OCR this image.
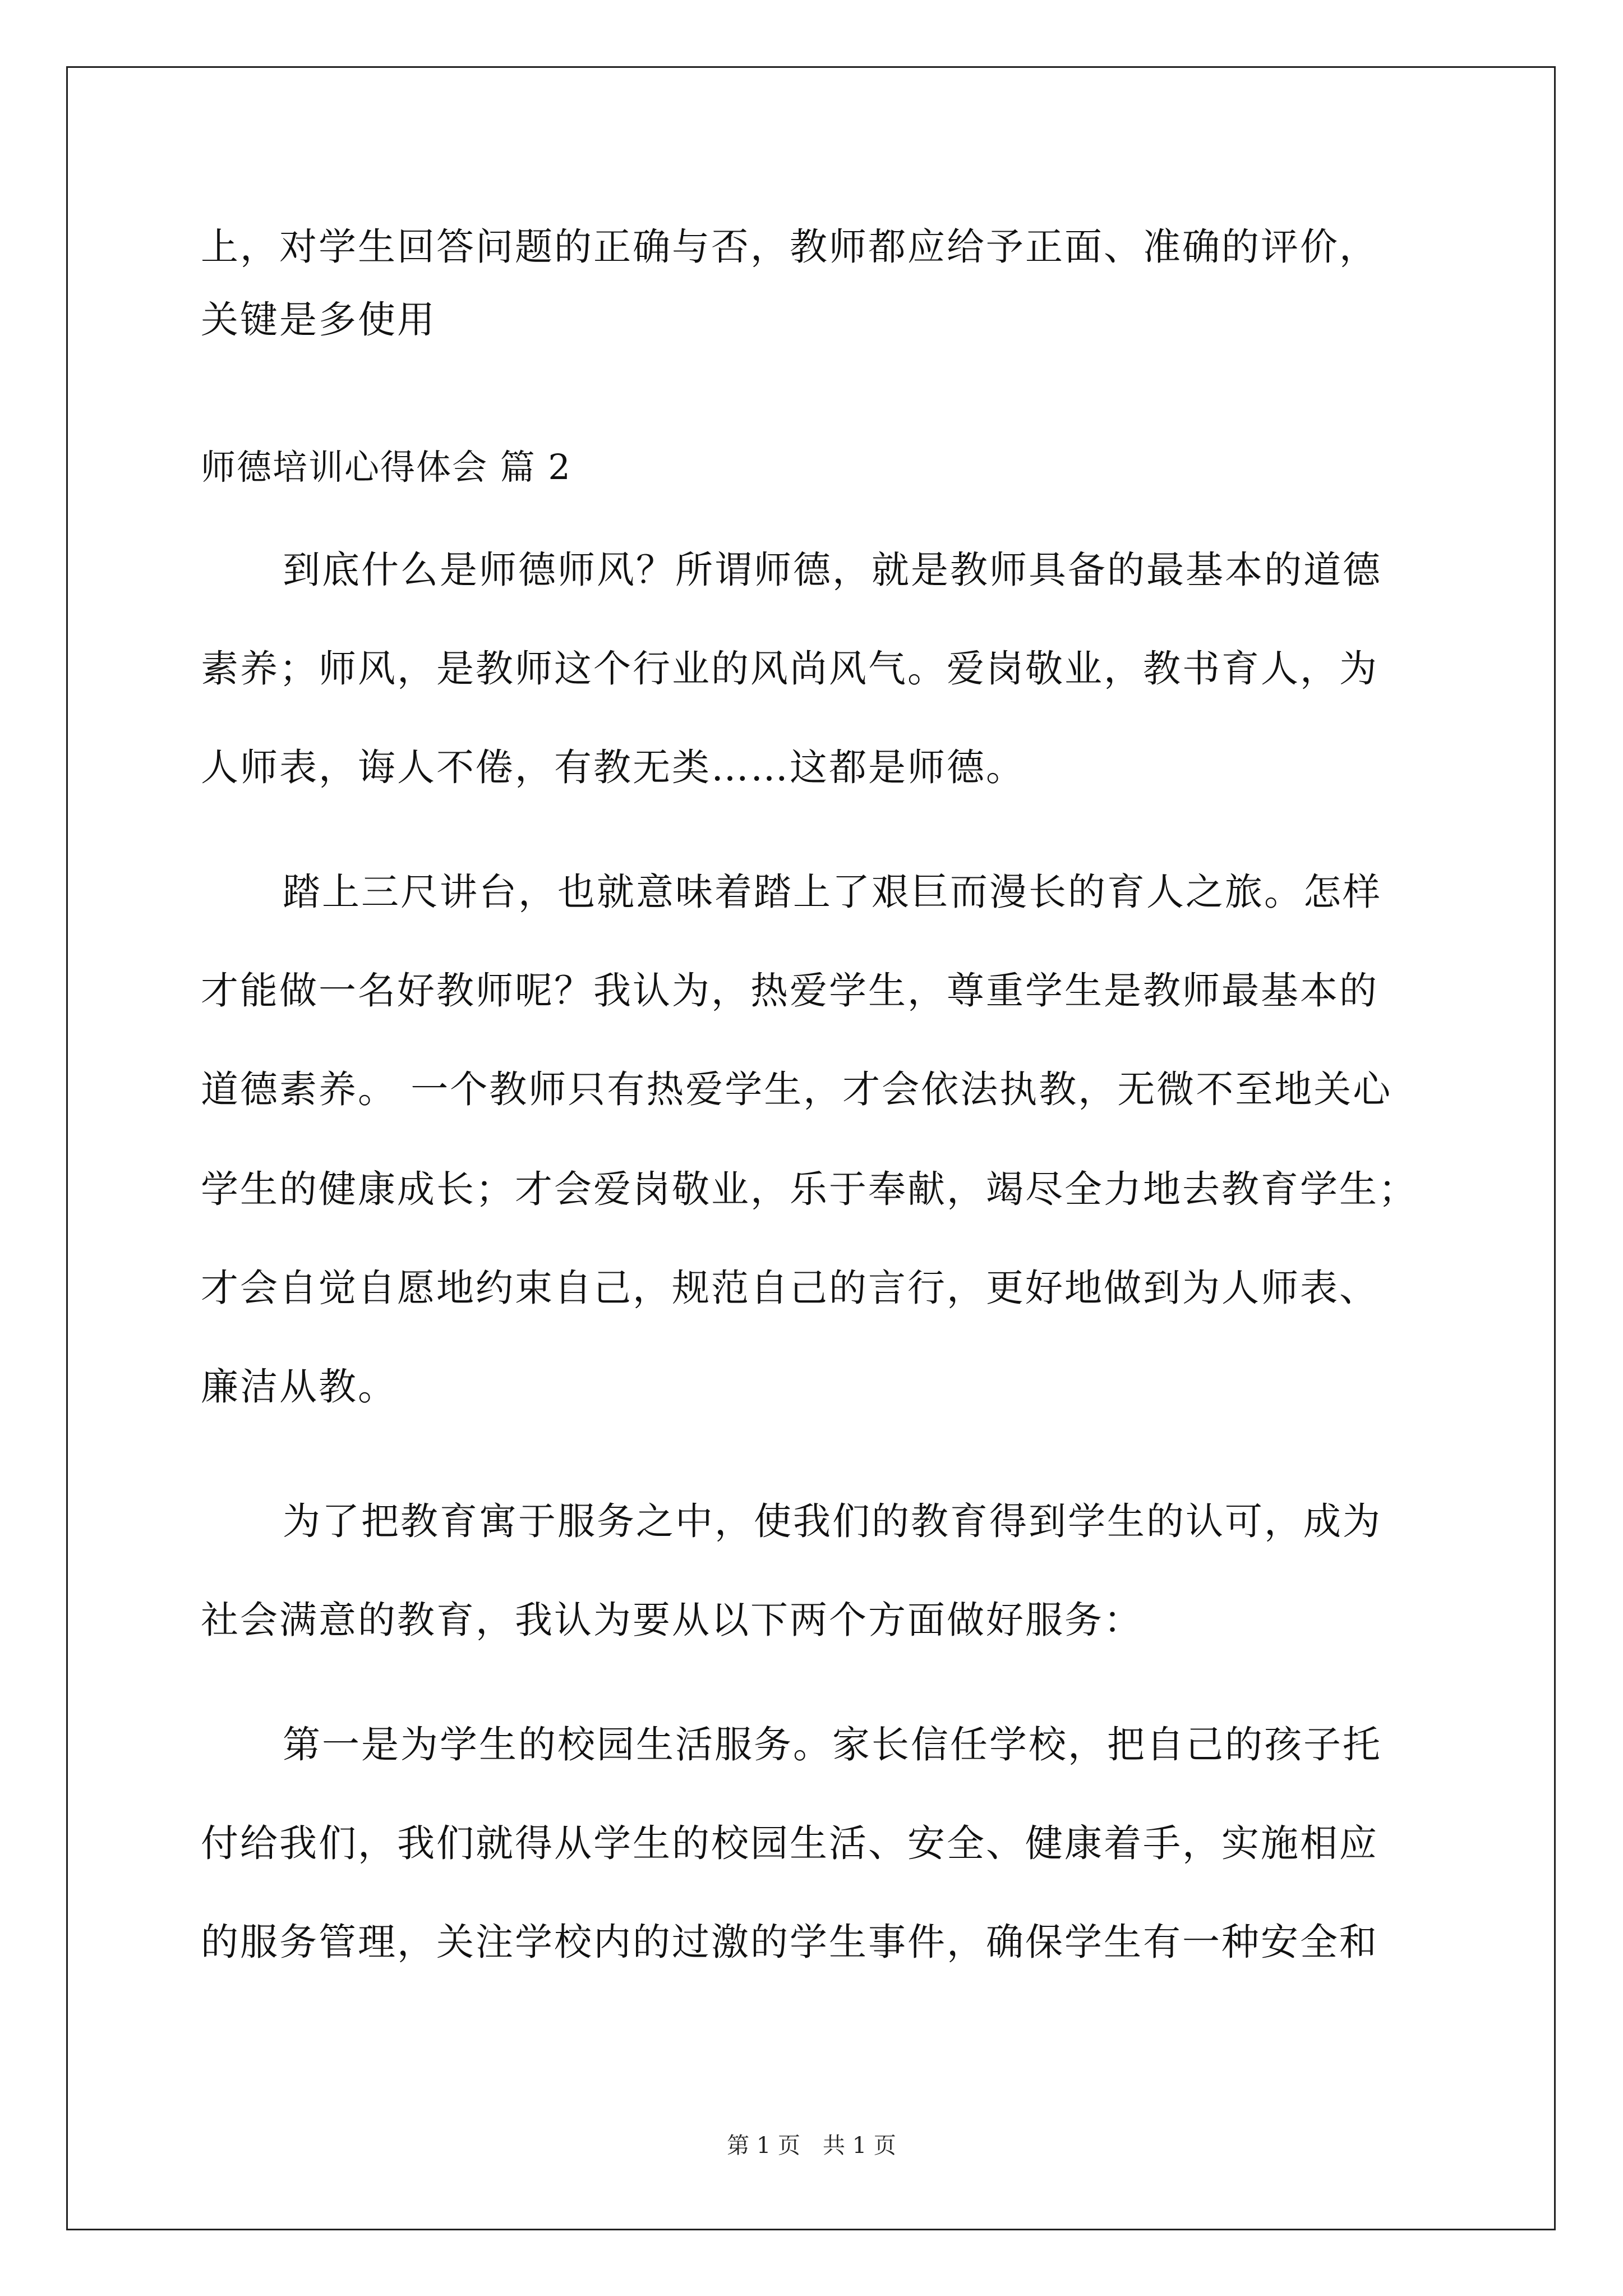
上，对学生回答问题的正确与否，教师都应给予正面、准确的评价，
关键是多使用
师德培训心得体会 篇 2
到底什么是师德师风？所谓师德，就是教师具备的最基本的道德
素养；师风，是教师这个行业的风尚风气。爱岗敬业，教书育人，为
人师表，诲人不倦，有教无类……这都是师德。
踏上三尺讲台，也就意味着踏上了艰巨而漫长的育人之旅。怎样
才能做一名好教师呢？我认为，热爱学生，尊重学生是教师最基本的
道德素养。 一个教师只有热爱学生，才会依法执教，无微不至地关心
学生的健康成长；才会爱岗敬业，乐于奉献，竭尽全力地去教育学生；
才会自觉自愿地约束自己，规范自己的言行，更好地做到为人师表、
廉洁从教。
为了把教育寓于服务之中，使我们的教育得到学生的认可，成为
社会满意的教育，我认为要从以下两个方面做好服务：
第一是为学生的校园生活服务。家长信任学校，把自己的孩子托
付给我们，我们就得从学生的校园生活、安全、健康着手，实施相应
的服务管理，关注学校内的过激的学生事件，确保学生有一种安全和
第 1 页 共 1 页
